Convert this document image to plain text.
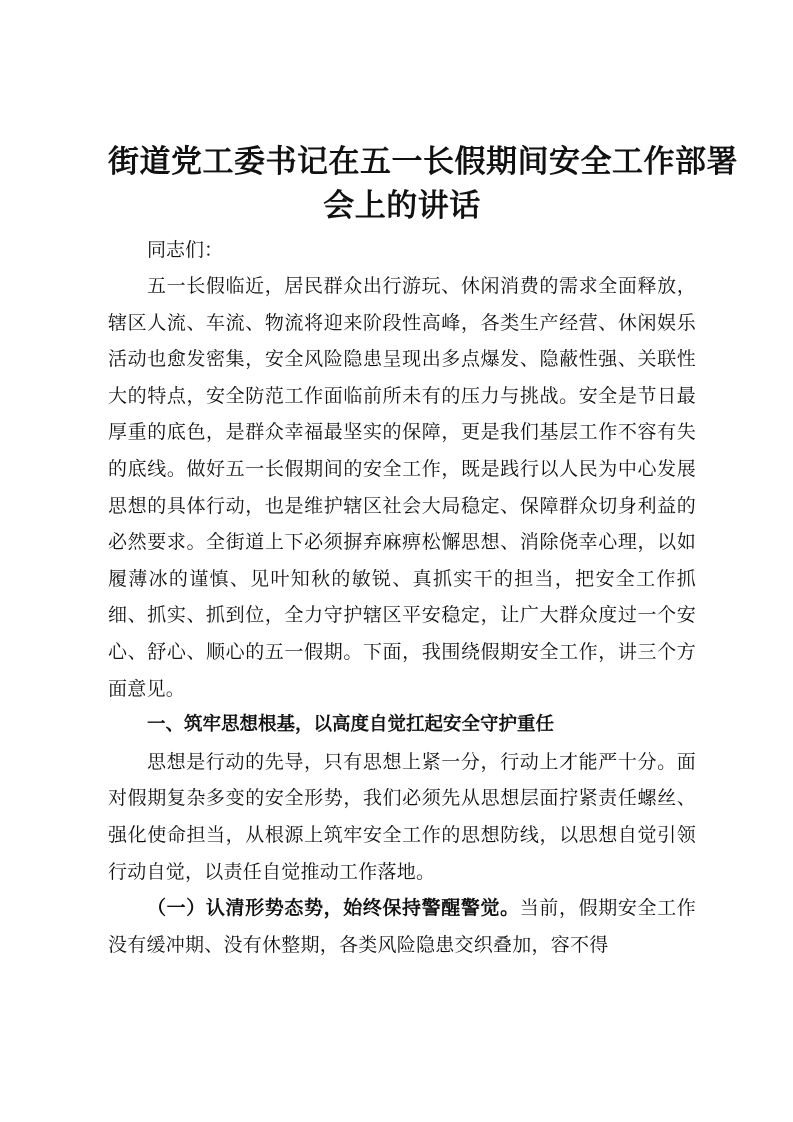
街道党工委书记在五一长假期间安全工作部署
会上的讲话

同志们：

五一长假临近，居民群众出行游玩、休闲消费的需求全面释放，辖区人流、车流、物流将迎来阶段性高峰，各类生产经营、休闲娱乐活动也愈发密集，安全风险隐患呈现出多点爆发、隐蔽性强、关联性大的特点，安全防范工作面临前所未有的压力与挑战。安全是节日最厚重的底色，是群众幸福最坚实的保障，更是我们基层工作不容有失的底线。做好五一长假期间的安全工作，既是践行以人民为中心发展思想的具体行动，也是维护辖区社会大局稳定、保障群众切身利益的必然要求。全街道上下必须摒弃麻痹松懈思想、消除侥幸心理，以如履薄冰的谨慎、见叶知秋的敏锐、真抓实干的担当，把安全工作抓细、抓实、抓到位，全力守护辖区平安稳定，让广大群众度过一个安心、舒心、顺心的五一假期。下面，我围绕假期安全工作，讲三个方面意见。

一、筑牢思想根基，以高度自觉扛起安全守护重任

思想是行动的先导，只有思想上紧一分，行动上才能严十分。面对假期复杂多变的安全形势，我们必须先从思想层面拧紧责任螺丝、强化使命担当，从根源上筑牢安全工作的思想防线，以思想自觉引领行动自觉，以责任自觉推动工作落地。

（一）认清形势态势，始终保持警醒警觉。当前，假期安全工作没有缓冲期、没有休整期，各类风险隐患交织叠加，容不得
